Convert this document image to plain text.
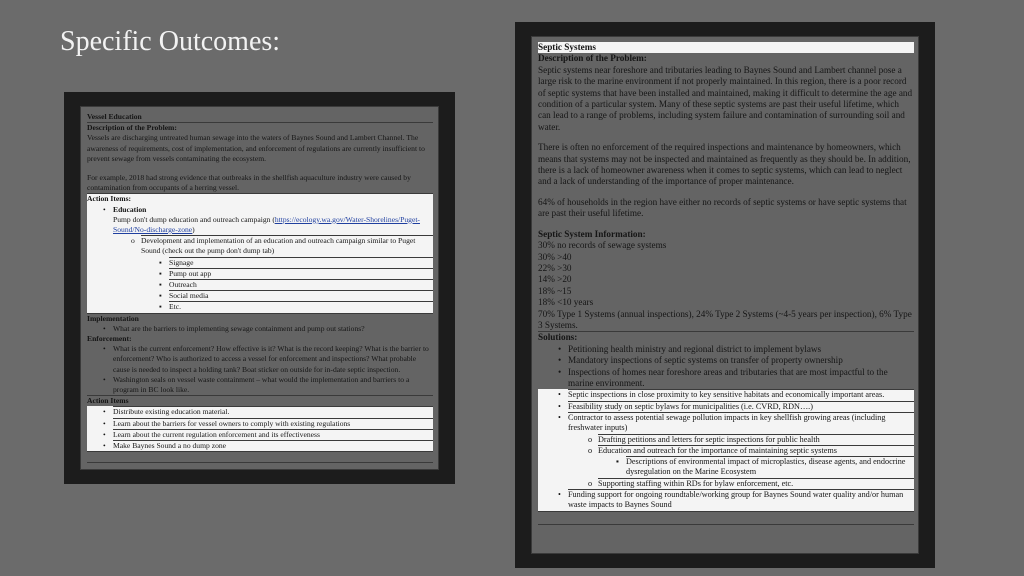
Specific Outcomes:
Vessel Education
Description of the Problem:

Vessels are discharging untreated human sewage into the waters of Baynes Sound and Lambert Channel. The awareness of requirements, cost of implementation, and enforcement of regulations are currently insufficient to prevent sewage from vessels contaminating the ecosystem.

For example, 2018 had strong evidence that outbreaks in the shellfish aquaculture industry were caused by contamination from occupants of a herring vessel.

Action Items:
• Education
Pump don't dump education and outreach campaign (https://ecology.wa.gov/Water-Shorelines/Puget-Sound/No-discharge-zone)
o Development and implementation of an education and outreach campaign similar to Puget Sound (check out the pump don't dump tab)
▪ Signage
▪ Pump out app
▪ Outreach
▪ Social media
▪ Etc.
Implementation
• What are the barriers to implementing sewage containment and pump out stations?
Enforcement:
• What is the current enforcement? How effective is it? What is the record keeping? What is the barrier to enforcement? Who is authorized to access a vessel for enforcement and inspections? What probable cause is needed to inspect a holding tank? Boat sticker on outside for in-date septic inspection.
• Washington seals on vessel waste containment – what would the implementation and barriers to a program in BC look like.
Action Items
• Distribute existing education material.
• Learn about the barriers for vessel owners to comply with existing regulations
• Learn about the current regulation enforcement and its effectiveness
• Make Baynes Sound a no dump zone
Septic Systems
Description of the Problem:

Septic systems near foreshore and tributaries leading to Baynes Sound and Lambert channel pose a large risk to the marine environment if not properly maintained. In this region, there is a poor record of septic systems that have been installed and maintained, making it difficult to determine the age and condition of a particular system. Many of these septic systems are past their useful lifetime, which can lead to a range of problems, including system failure and contamination of surrounding soil and water.

There is often no enforcement of the required inspections and maintenance by homeowners, which means that systems may not be inspected and maintained as frequently as they should be. In addition, there is a lack of homeowner awareness when it comes to septic systems, which can lead to neglect and a lack of understanding of the importance of proper maintenance.

64% of households in the region have either no records of septic systems or have septic systems that are past their useful lifetime.

Septic System Information:
30% no records of sewage systems
30% >40
22% >30
14% >20
18% ~15
18% <10 years
70% Type 1 Systems (annual inspections), 24% Type 2 Systems (~4-5 years per inspection), 6% Type 3 Systems.
Solutions:
• Petitioning health ministry and regional district to implement bylaws
• Mandatory inspections of septic systems on transfer of property ownership
• Inspections of homes near foreshore areas and tributaries that are most impactful to the marine environment.
• Septic inspections in close proximity to key sensitive habitats and economically important areas.
• Feasibility study on septic bylaws for municipalities (i.e. CVRD, RDN….)
• Contractor to assess potential sewage pollution impacts in key shellfish growing areas (including freshwater inputs)
o Drafting petitions and letters for septic inspections for public health
o Education and outreach for the importance of maintaining septic systems
▪ Descriptions of environmental impact of microplastics, disease agents, and endocrine dysregulation on the Marine Ecosystem
o Supporting staffing within RDs for bylaw enforcement, etc.
• Funding support for ongoing roundtable/working group for Baynes Sound water quality and/or human waste impacts to Baynes Sound
